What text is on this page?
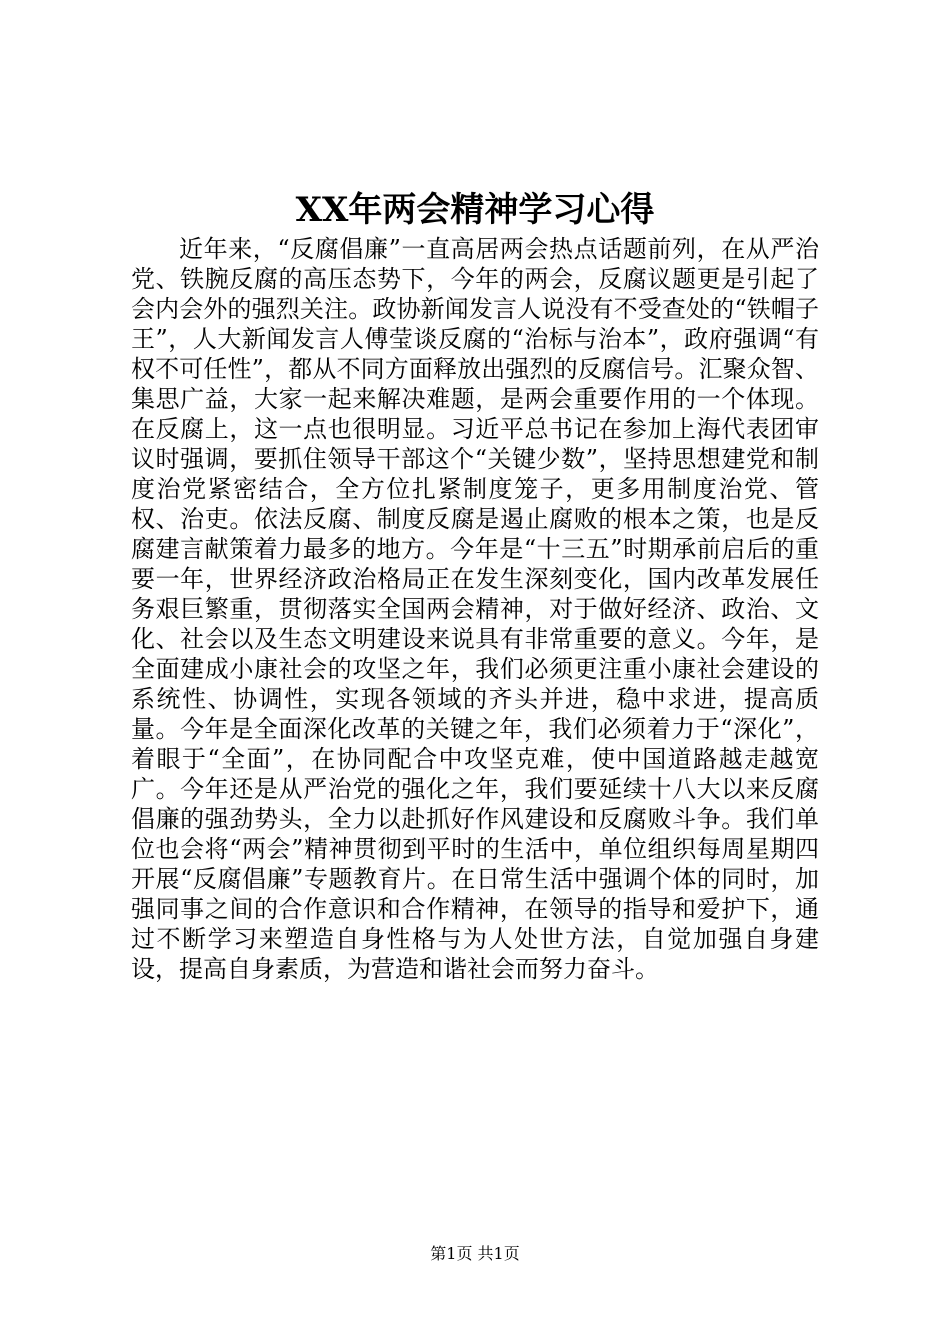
XX年两会精神学习心得

近年来，“反腐倡廉”一直高居两会热点话题前列，在从严治党、铁腕反腐的高压态势下，今年的两会，反腐议题更是引起了会内会外的强烈关注。政协新闻发言人说没有不受查处的“铁帽子王”，人大新闻发言人傅莹谈反腐的“治标与治本”，政府强调“有权不可任性”，都从不同方面释放出强烈的反腐信号。汇聚众智、集思广益，大家一起来解决难题，是两会重要作用的一个体现。在反腐上，这一点也很明显。习近平总书记在参加上海代表团审议时强调，要抓住领导干部这个“关键少数”，坚持思想建党和制度治党紧密结合，全方位扎紧制度笼子，更多用制度治党、管权、治吏。依法反腐、制度反腐是遏止腐败的根本之策，也是反腐建言献策着力最多的地方。今年是“十三五”时期承前启后的重要一年，世界经济政治格局正在发生深刻变化，国内改革发展任务艰巨繁重，贯彻落实全国两会精神，对于做好经济、政治、文化、社会以及生态文明建设来说具有非常重要的意义。今年，是全面建成小康社会的攻坚之年，我们必须更注重小康社会建设的系统性、协调性，实现各领域的齐头并进，稳中求进，提高质量。今年是全面深化改革的关键之年，我们必须着力于“深化”，着眼于“全面”，在协同配合中攻坚克难，使中国道路越走越宽广。今年还是从严治党的强化之年，我们要延续十八大以来反腐倡廉的强劲势头，全力以赴抓好作风建设和反腐败斗争。我们单位也会将“两会”精神贯彻到平时的生活中，单位组织每周星期四开展“反腐倡廉”专题教育片。在日常生活中强调个体的同时，加强同事之间的合作意识和合作精神，在领导的指导和爱护下，通过不断学习来塑造自身性格与为人处世方法，自觉加强自身建设，提高自身素质，为营造和谐社会而努力奋斗。

第1页 共1页
